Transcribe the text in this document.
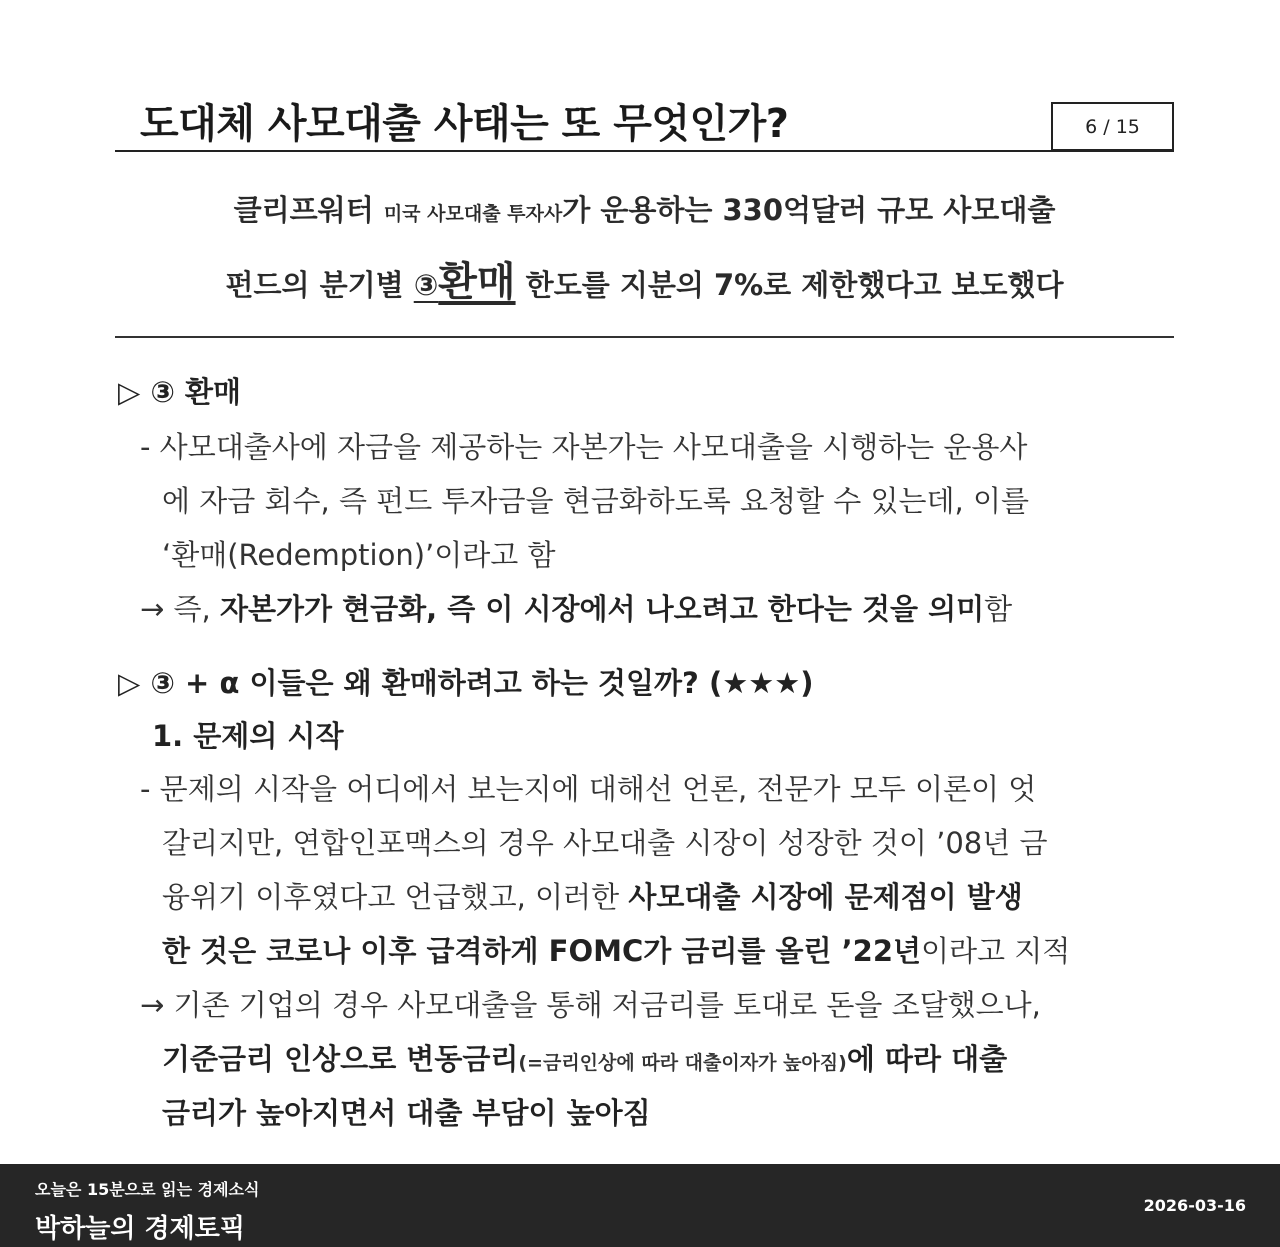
도대체 사모대출 사태는 또 무엇인가?	6 / 15
클리프워터 미국 사모대출 투자사가 운용하는 330억달러 규모 사모대출
펀드의 분기별 ③환매 한도를 지분의 7%로 제한했다고 보도했다
▷ ③ 환매
- 사모대출사에 자금을 제공하는 자본가는 사모대출을 시행하는 운용사
에 자금 회수, 즉 펀드 투자금을 현금화하도록 요청할 수 있는데, 이를
‘환매(Redemption)’이라고 함
→ 즉, 자본가가 현금화, 즉 이 시장에서 나오려고 한다는 것을 의미함
▷ ③ + α 이들은 왜 환매하려고 하는 것일까? (★★★)
1. 문제의 시작
- 문제의 시작을 어디에서 보는지에 대해선 언론, 전문가 모두 이론이 엇
갈리지만, 연합인포맥스의 경우 사모대출 시장이 성장한 것이 ’08년 금
융위기 이후였다고 언급했고, 이러한 사모대출 시장에 문제점이 발생
한 것은 코로나 이후 급격하게 FOMC가 금리를 올린 ’22년이라고 지적
→ 기존 기업의 경우 사모대출을 통해 저금리를 토대로 돈을 조달했으나,
기준금리 인상으로 변동금리(=금리인상에 따라 대출이자가 높아짐)에 따라 대출
금리가 높아지면서 대출 부담이 높아짐
오늘은 15분으로 읽는 경제소식
박하늘의 경제토픽
2026-03-16
